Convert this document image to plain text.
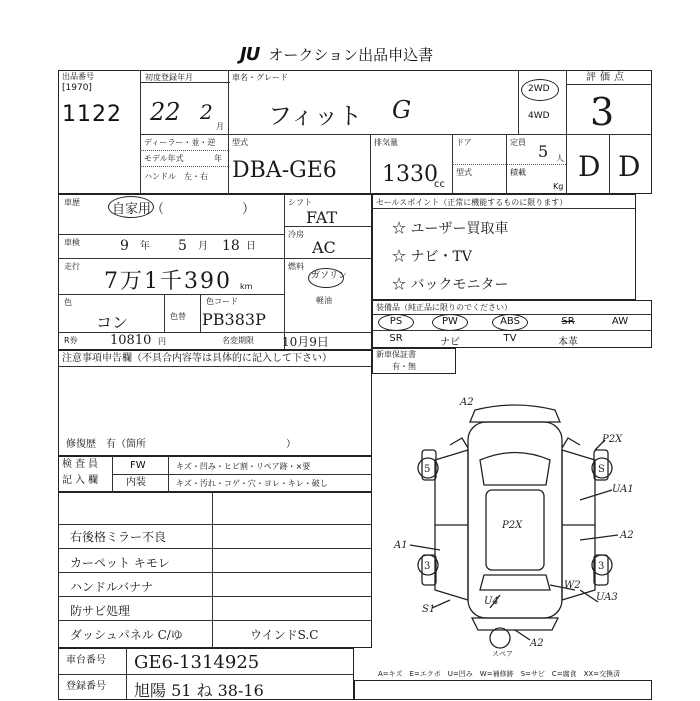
JU オークション出品申込書
出品番号
[1970]
1122
初度登録年月
22 2
月
ディーラー・並・逆
モデル年式	年
ハンドル　左・右
車名・グレード
フィット G
2WD
4WD
型式
DBA-GE6
排気量
1330
cc
ドア
型式
定員 5 人
積載
Kg
評価点
3
D D
車歴 自家用（　　　　　　）
車検	9 年 5 月 18 日
走行
7万1千390 km
色
コン	色替
色コード
PB383P
R券 10810 円	名変期限 10月9日
シフト
FAT
冷房
AC
燃料
ガソリン
軽油
セールスポイント（正常に機能するものに限ります）
☆ ユーザー買取車
☆ ナビ・TV
☆ バックモニター
装備品（純正品に限りのでください）
PS	PW	ABS	SR	AW
SR	ナビ	TV	本革
新車保証書
有・無
注意事項申告欄（不具合内容等は具体的に記入して下さい）
修復歴　有（箇所　　　　　　　　　　　　　　）
検査員
記入欄
FW	キズ・凹み・ヒビ割・リペア跡・×要
内装	キズ・汚れ・コゲ・穴・ヨレ・キレ・破し
右後格ミラー不良
カーペット キモレ
ハンドルバナナ
防サビ処理
ダッシュパネル C/ゆ	ウインドS.C
車台番号 GE6-1314925
登録番号 旭陽 51 ね 38-16
A=キズ　E=エクボ　U=凹み　W=補修跡　S=サビ　C=腐食　XX=交換済
A2
P2X
UA1
A2
A1
P2X
UA3
W2
S1
U4
A2
5	S
3	3
スペア
